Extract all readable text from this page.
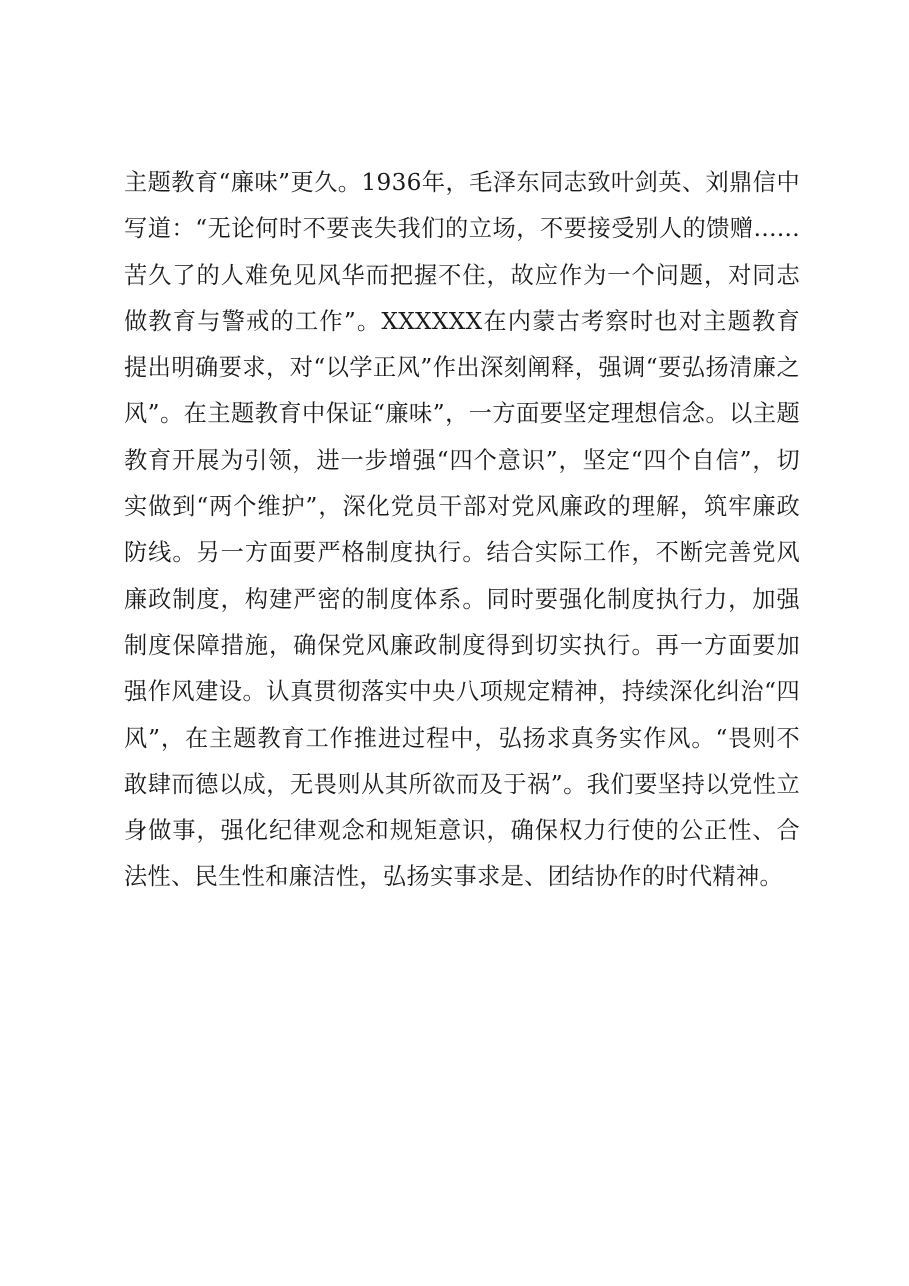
主题教育“廉味”更久。1936年，毛泽东同志致叶剑英、刘鼎信中写道：“无论何时不要丧失我们的立场，不要接受别人的馈赠......苦久了的人难免见风华而把握不住，故应作为一个问题，对同志做教育与警戒的工作”。XXXXXX在内蒙古考察时也对主题教育提出明确要求，对“以学正风”作出深刻阐释，强调“要弘扬清廉之风”。在主题教育中保证“廉味”，一方面要坚定理想信念。以主题教育开展为引领，进一步增强“四个意识”，坚定“四个自信”，切实做到“两个维护”，深化党员干部对党风廉政的理解，筑牢廉政防线。另一方面要严格制度执行。结合实际工作，不断完善党风廉政制度，构建严密的制度体系。同时要强化制度执行力，加强制度保障措施，确保党风廉政制度得到切实执行。再一方面要加强作风建设。认真贯彻落实中央八项规定精神，持续深化纠治“四风”，在主题教育工作推进过程中，弘扬求真务实作风。“畏则不敢肆而德以成，无畏则从其所欲而及于祸”。我们要坚持以党性立身做事，强化纪律观念和规矩意识，确保权力行使的公正性、合法性、民生性和廉洁性，弘扬实事求是、团结协作的时代精神。
